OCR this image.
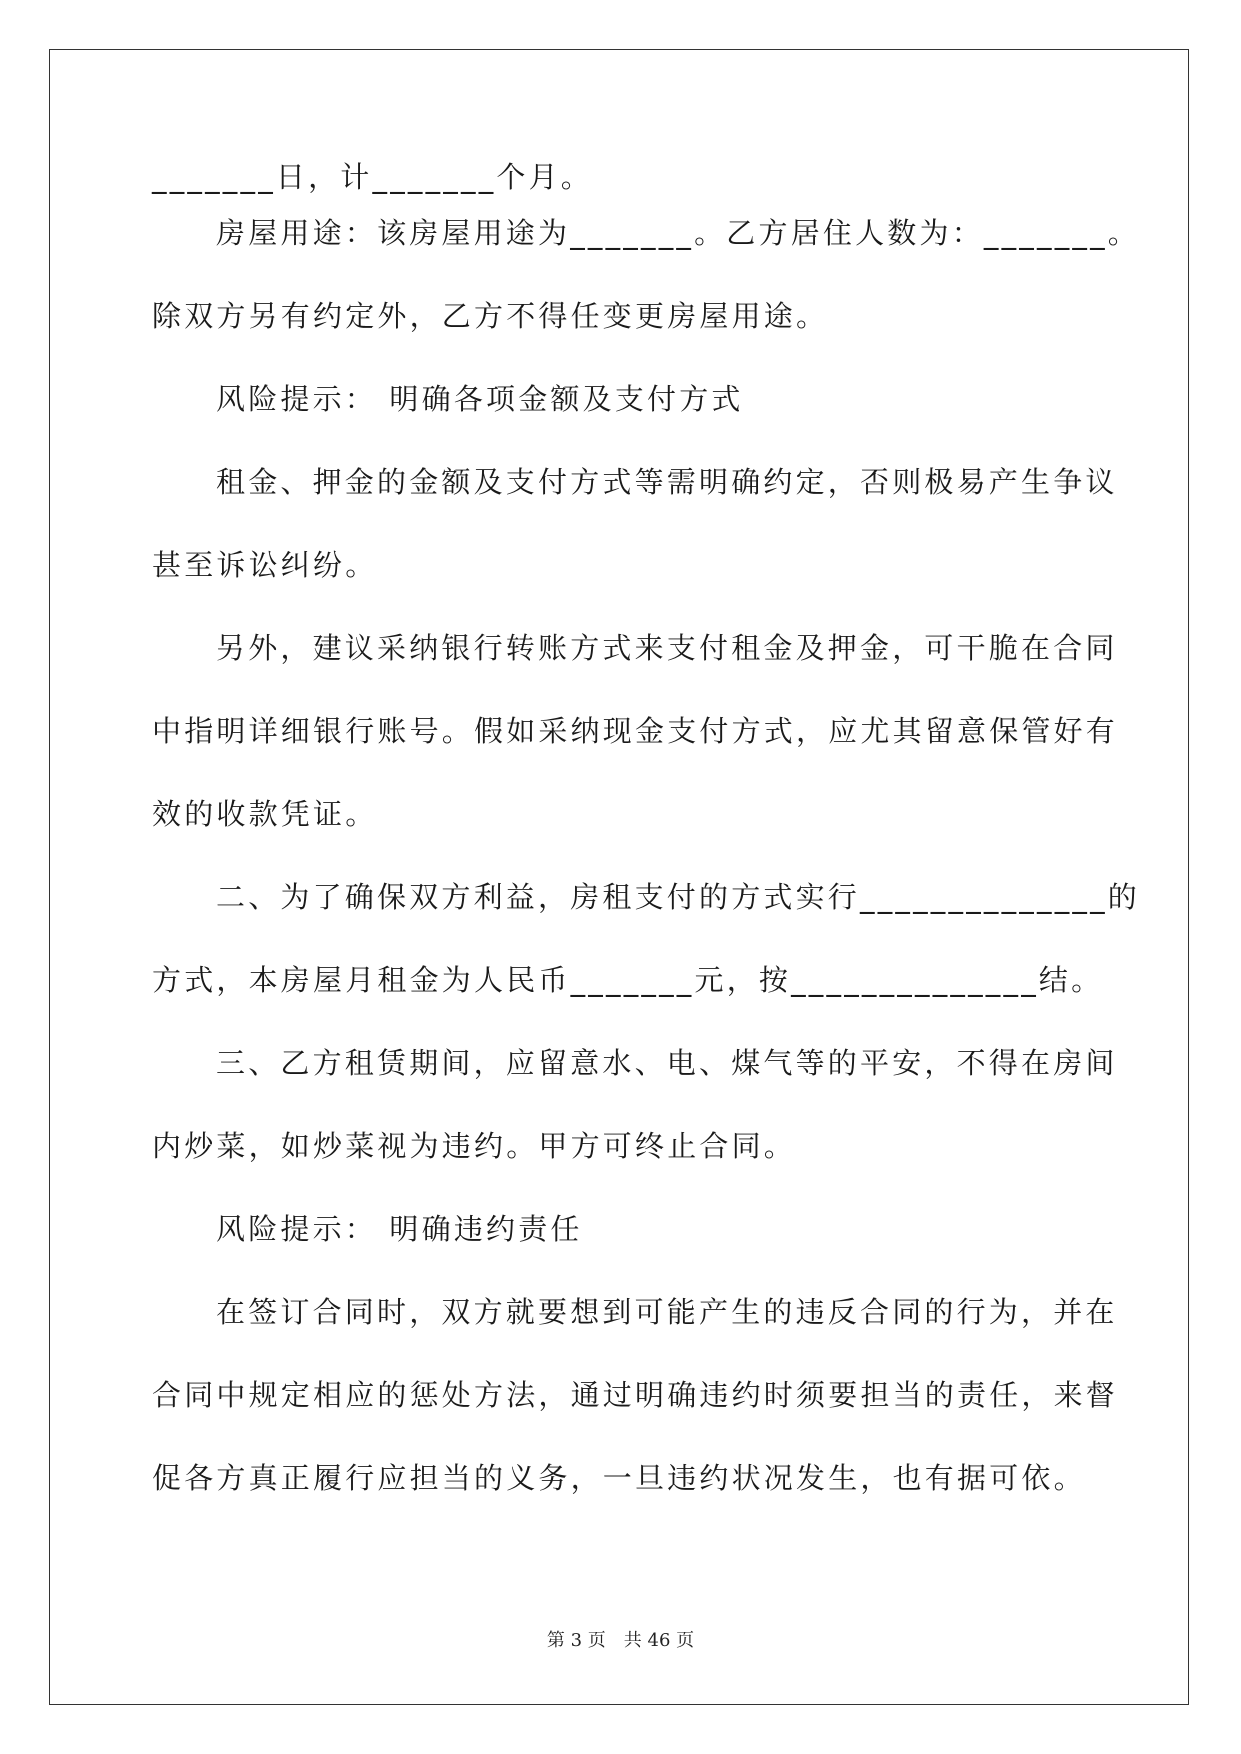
_______日，计_______个月。

房屋用途：该房屋用途为_______。乙方居住人数为：_______。

除双方另有约定外，乙方不得任变更房屋用途。

风险提示： 明确各项金额及支付方式

租金、押金的金额及支付方式等需明确约定，否则极易产生争议

甚至诉讼纠纷。

另外，建议采纳银行转账方式来支付租金及押金，可干脆在合同

中指明详细银行账号。假如采纳现金支付方式，应尤其留意保管好有

效的收款凭证。

二、为了确保双方利益，房租支付的方式实行______________的

方式，本房屋月租金为人民币_______元，按______________结。

三、乙方租赁期间，应留意水、电、煤气等的平安，不得在房间

内炒菜，如炒菜视为违约。甲方可终止合同。

风险提示： 明确违约责任

在签订合同时，双方就要想到可能产生的违反合同的行为，并在

合同中规定相应的惩处方法，通过明确违约时须要担当的责任，来督

促各方真正履行应担当的义务，一旦违约状况发生，也有据可依。

第 3 页　共 46 页
